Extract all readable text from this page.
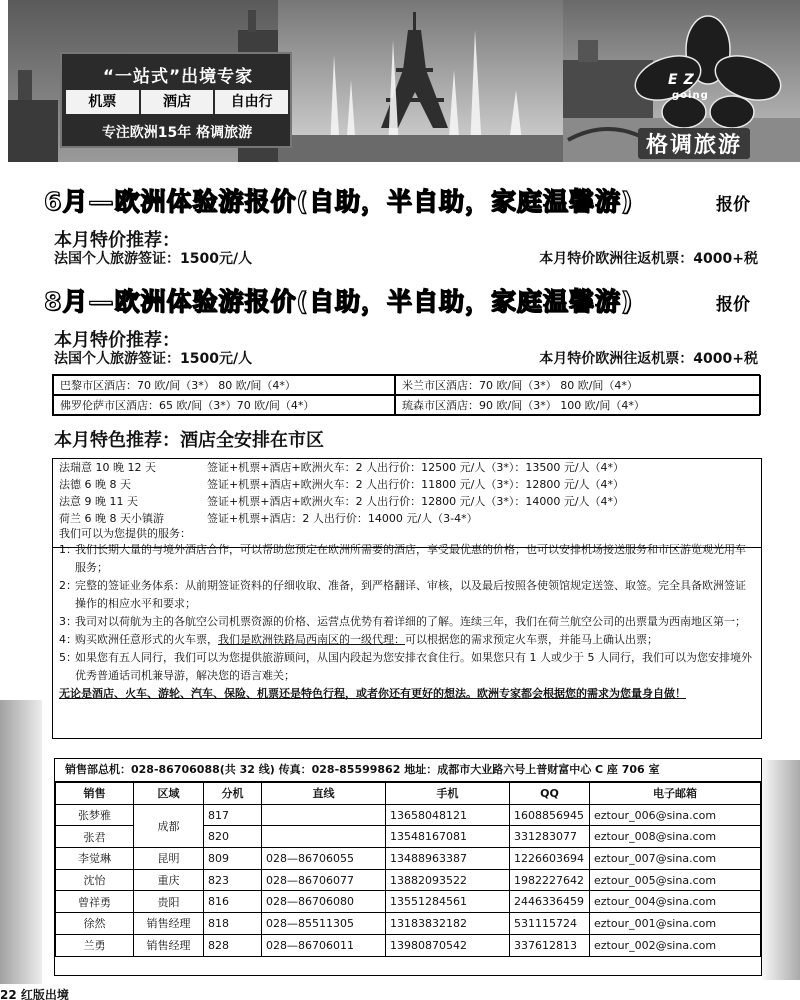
“一站式”出境专家
机票	酒店	自由行
专注欧洲15年 格调旅游
EZ
going
格调旅游
6月—欧洲体验游报价(自助，半自助，家庭温馨游)	报价
本月特价推荐：
法国个人旅游签证：1500元/人	本月特价欧洲往返机票：4000+税
8月—欧洲体验游报价(自助，半自助，家庭温馨游)	报价
本月特价推荐：
法国个人旅游签证：1500元/人	本月特价欧洲往返机票：4000+税
巴黎市区酒店：70 欧/间（3*） 80 欧/间（4*）	米兰市区酒店：70 欧/间（3*） 80 欧/间（4*）
佛罗伦萨市区酒店：65 欧/间（3*）70 欧/间（4*）	琉森市区酒店：90 欧/间（3*） 100 欧/间（4*）
本月特色推荐：酒店全安排在市区
法瑞意 10 晚 12 天	签证+机票+酒店+欧洲火车：2 人出行价：12500 元/人（3*）：13500 元/人（4*）
法德 6 晚 8 天	签证+机票+酒店+欧洲火车：2 人出行价：11800 元/人（3*）：12800 元/人（4*）
法意 9 晚 11 天	签证+机票+酒店+欧洲火车：2 人出行价：12800 元/人（3*）：14000 元/人（4*）
荷兰 6 晚 8 天小镇游	签证+机票+酒店：2 人出行价：14000 元/人（3-4*）
我们可以为您提供的服务：
1：
我们长期大量的与境外酒店合作，可以帮助您预定在欧洲所需要的酒店，享受最优惠的价格；也可以安排机场接送服务和市区游览观光用车服务；
2：
完整的签证业务体系：从前期签证资料的仔细收取、准备，到严格翻译、审核，以及最后按照各使领馆规定送签、取签。完全具备欧洲签证操作的相应水平和要求；
3：
我司对以荷航为主的各航空公司机票资源的价格、运营点优势有着详细的了解。连续三年，我们在荷兰航空公司的出票量为西南地区第一；
4：
购买欧洲任意形式的火车票，我们是欧洲铁路局西南区的一级代理：可以根据您的需求预定火车票，并能马上确认出票；
5：
如果您有五人同行，我们可以为您提供旅游顾问，从国内段起为您安排衣食住行。如果您只有 1 人或少于 5 人同行，我们可以为您安排境外优秀普通话司机兼导游，解决您的语言难关；
无论是酒店、火车、游轮、汽车、保险、机票还是特色行程，或者你还有更好的想法。欧洲专家都会根据您的需求为您量身自做！
销售部总机：028-86706088(共 32 线) 传真：028-85599862 地址：成都市大业路六号上普财富中心 C 座 706 室
销售	区域	分机	直线	手机	QQ	电子邮箱
张梦雅	成都	817		13658048121	1608856945	eztour_006@sina.com
张君		820		13548167081	331283077	eztour_008@sina.com
李觉琳	昆明	809	028—86706055	13488963387	1226603694	eztour_007@sina.com
沈怡	重庆	823	028—86706077	13882093522	1982227642	eztour_005@sina.com
曾祥勇	贵阳	816	028—86706080	13551284561	2446336459	eztour_004@sina.com
徐然	销售经理	818	028—85511305	13183832182	531115724	eztour_001@sina.com
兰勇	销售经理	828	028—86706011	13980870542	337612813	eztour_002@sina.com
22 红版出境
